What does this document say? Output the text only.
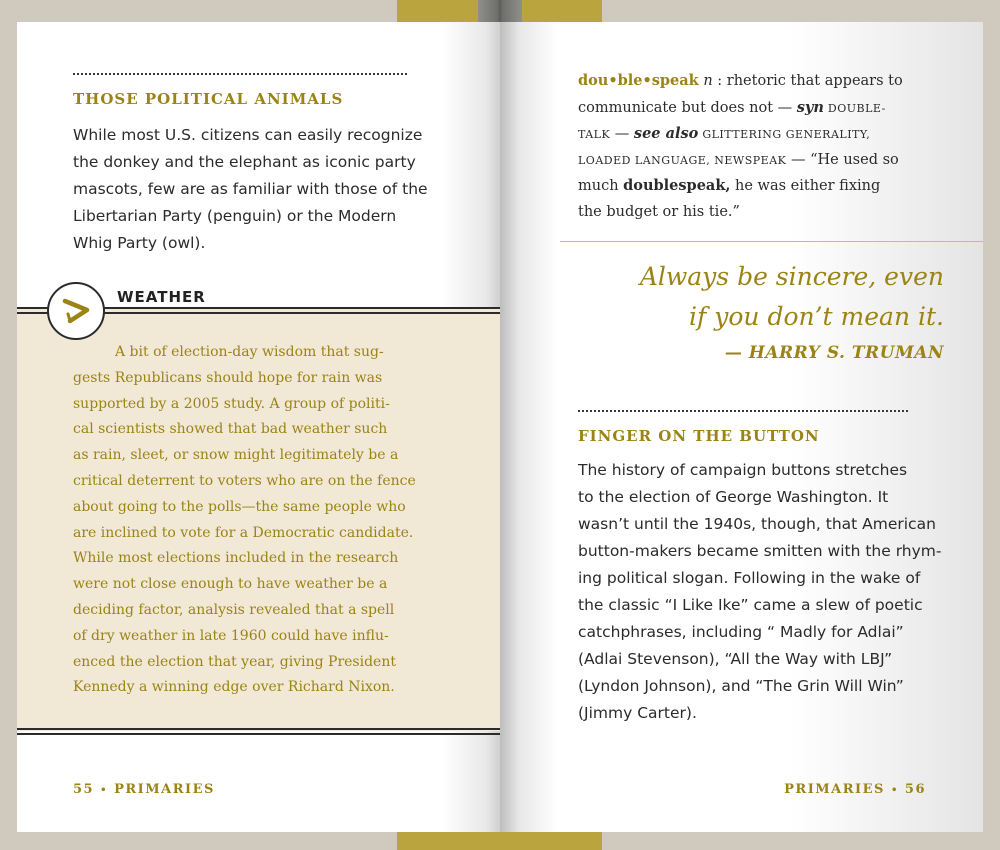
THOSE POLITICAL ANIMALS
While most U.S. citizens can easily recognize
the donkey and the elephant as iconic party
mascots, few are as familiar with those of the
Libertarian Party (penguin) or the Modern
Whig Party (owl).
WEATHER
A bit of election-day wisdom that sug-
gests Republicans should hope for rain was
supported by a 2005 study. A group of politi-
cal scientists showed that bad weather such
as rain, sleet, or snow might legitimately be a
critical deterrent to voters who are on the fence
about going to the polls—the same people who
are inclined to vote for a Democratic candidate.
While most elections included in the research
were not close enough to have weather be a
deciding factor, analysis revealed that a spell
of dry weather in late 1960 could have influ-
enced the election that year, giving President
Kennedy a winning edge over Richard Nixon.
55 • PRIMARIES
dou•ble•speak n : rhetoric that appears to
communicate but does not — syn DOUBLE-
TALK — see also GLITTERING GENERALITY,
LOADED LANGUAGE, NEWSPEAK — “He used so
much doublespeak, he was either fixing
the budget or his tie.”
Always be sincere, even
if you don’t mean it.
— HARRY S. TRUMAN
FINGER ON THE BUTTON
The history of campaign buttons stretches
to the election of George Washington. It
wasn’t until the 1940s, though, that American
button-makers became smitten with the rhym-
ing political slogan. Following in the wake of
the classic “I Like Ike” came a slew of poetic
catchphrases, including “ Madly for Adlai”
(Adlai Stevenson), “All the Way with LBJ”
(Lyndon Johnson), and “The Grin Will Win”
(Jimmy Carter).
PRIMARIES • 56
